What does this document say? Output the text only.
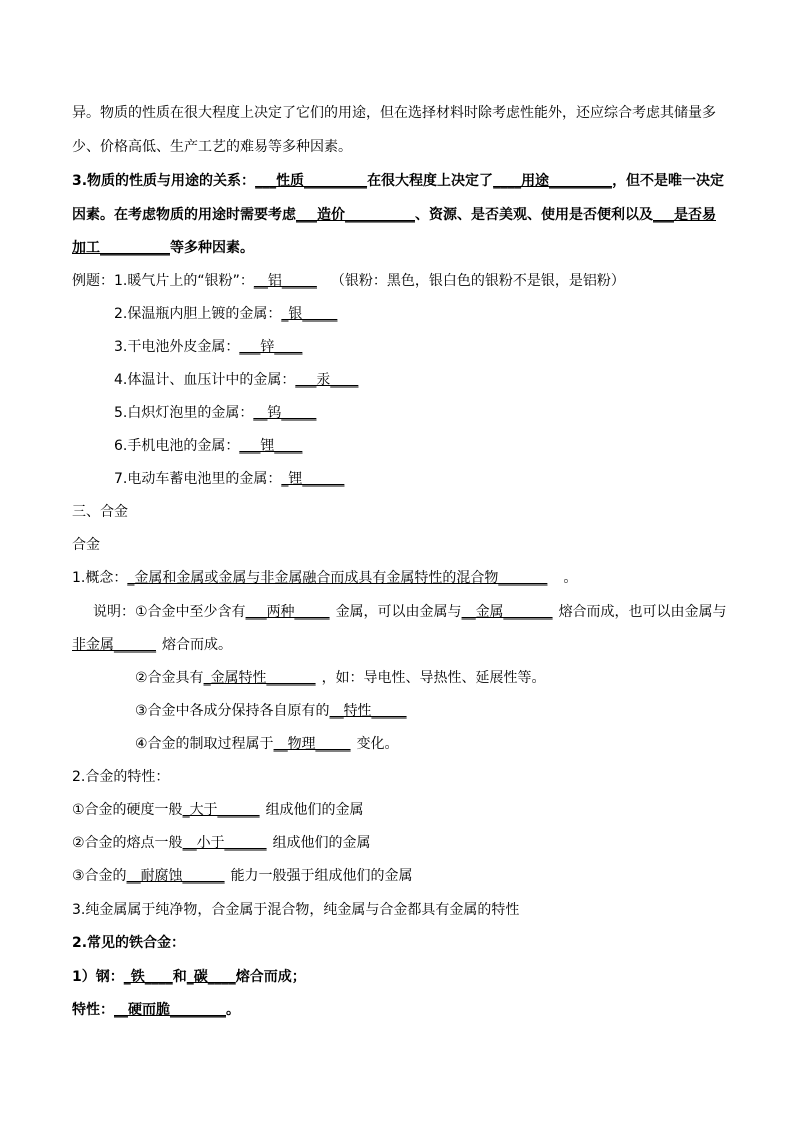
异。物质的性质在很大程度上决定了它们的用途，但在选择材料时除考虑性能外，还应综合考虑其储量多
少、价格高低、生产工艺的难易等多种因素。
3.物质的性质与用途的关系：___性质_________在很大程度上决定了____用途_________，但不是唯一决定
因素。在考虑物质的用途时需要考虑___造价__________、资源、是否美观、使用是否便利以及___是否易
加工__________等多种因素。
例题：1.暖气片上的“银粉”：__铝_____ （银粉：黑色，银白色的银粉不是银，是铝粉）
2.保温瓶内胆上镀的金属：_银_____
3.干电池外皮金属：___锌____
4.体温计、血压计中的金属：___汞____
5.白炽灯泡里的金属：__钨_____
6.手机电池的金属：___锂____
7.电动车蓄电池里的金属：_锂______
三、合金
合金
1.概念：_金属和金属或金属与非金属融合而成具有金属特性的混合物_______ 。
说明：①合金中至少含有___两种_____ 金属，可以由金属与__金属_______ 熔合而成，也可以由金属与
非金属______ 熔合而成。
②合金具有_金属特性_______ ，如：导电性、导热性、延展性等。
③合金中各成分保持各自原有的__特性_____
④合金的制取过程属于__物理_____ 变化。
2.合金的特性：
①合金的硬度一般_大于______ 组成他们的金属
②合金的熔点一般__小于______ 组成他们的金属
③合金的__耐腐蚀______ 能力一般强于组成他们的金属
3.纯金属属于纯净物，合金属于混合物，纯金属与合金都具有金属的特性
2.常见的铁合金：
1）钢：_铁____和_碳____熔合而成；
特性：__硬而脆________。
